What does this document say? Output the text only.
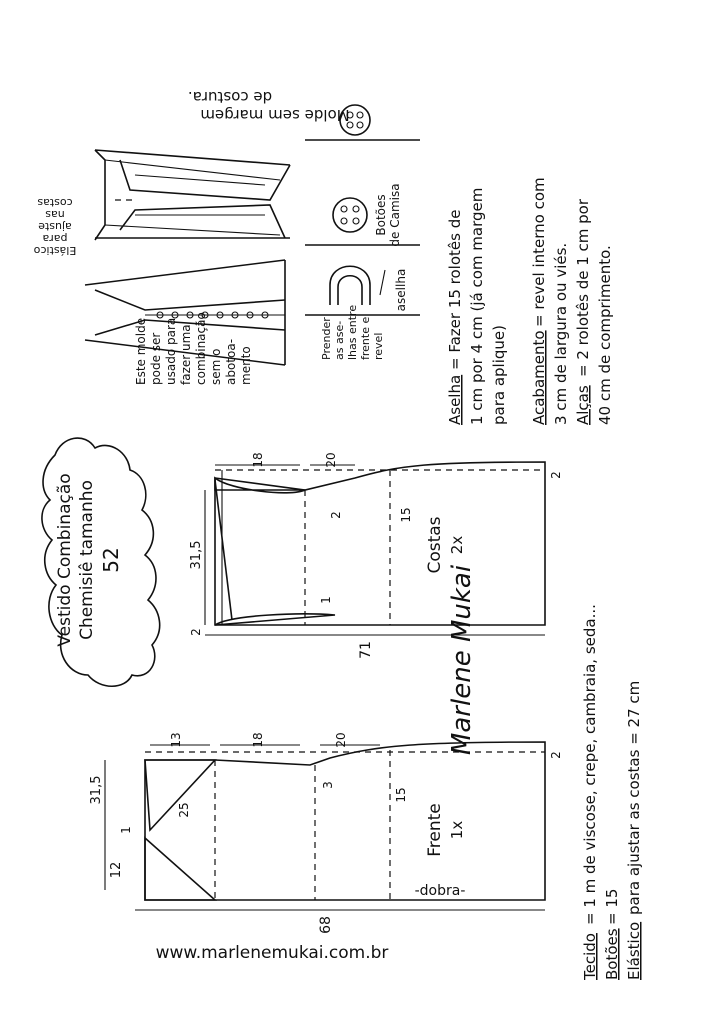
Vestido Combinação Chemisiê tamanho 52
Molde sem margem
de costura.
Elástico
para
ajuste
nas
costas
Este molde pode ser usado para fazer uma combinação sem o abotoa- mento
Botões de Camisa
asellha
Prender as ase- lhas entre frente e revel
Aselha
= Fazer 15 rolotês de 1 cm por 4 cm (já com margem para aplique) Acabamento
= revel interno com 3 cm de largura ou viés. Alças
= 2 rolotês de 1 cm por 40 cm de comprimento.
18	20
2
31,5
2
71
2	15
1
Costas 2x
13	18	20
2
3
15
25
31,5
1
12
68
Frente 1x
-dobra-
Marlene Mukai
Tecido
= 1 m de viscose, crepe, cambraia, seda...
Botões
= 15
Elástico
para ajustar as costas = 27 cm
www.marlenemukai.com.br
